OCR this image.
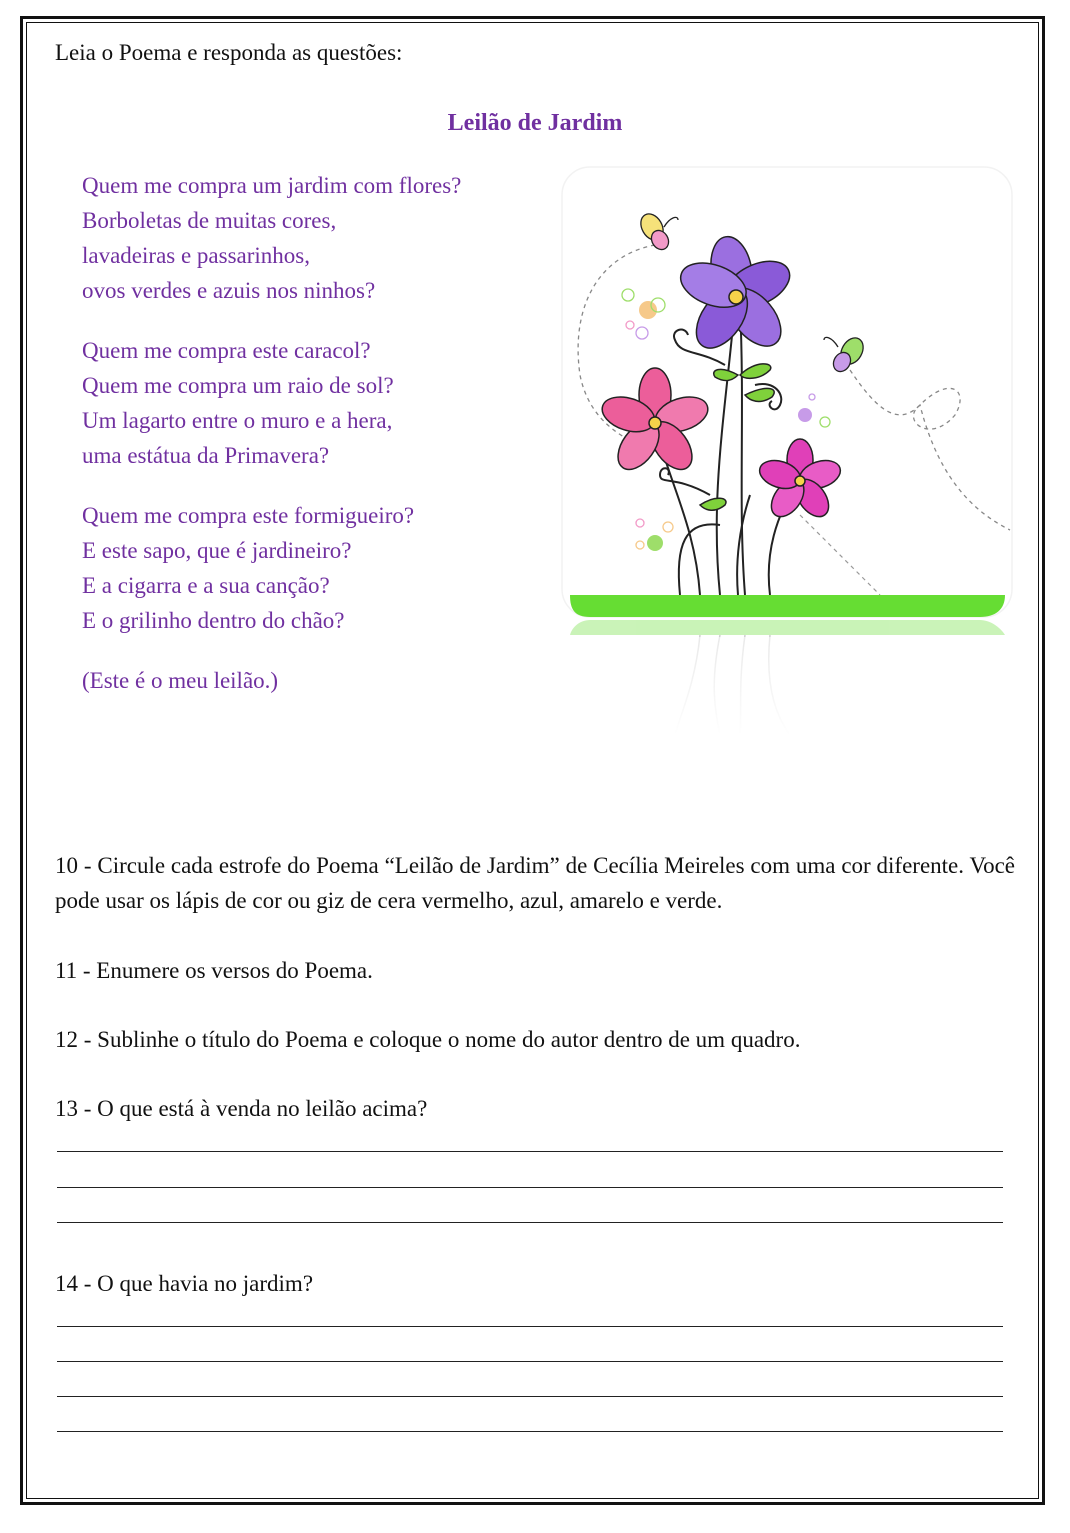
Leia o Poema e responda as questões:
Leilão de Jardim
Quem me compra um jardim com flores?
Borboletas de muitas cores,
lavadeiras e passarinhos,
ovos verdes e azuis nos ninhos?
Quem me compra este caracol?
Quem me compra um raio de sol?
Um lagarto entre o muro e a hera,
uma estátua da Primavera?
Quem me compra este formigueiro?
E este sapo, que é jardineiro?
E a cigarra e a sua canção?
E o grilinho dentro do chão?
(Este é o meu leilão.)
10 - Circule cada estrofe do Poema “Leilão de Jardim” de Cecília Meireles com uma cor diferente. Você pode usar os lápis de cor ou giz de cera vermelho, azul, amarelo e verde.
11 - Enumere os versos do Poema.
12 - Sublinhe o título do Poema e coloque o nome do autor dentro de um quadro.
13 - O que está à venda no leilão acima?
14 - O que havia no jardim?
